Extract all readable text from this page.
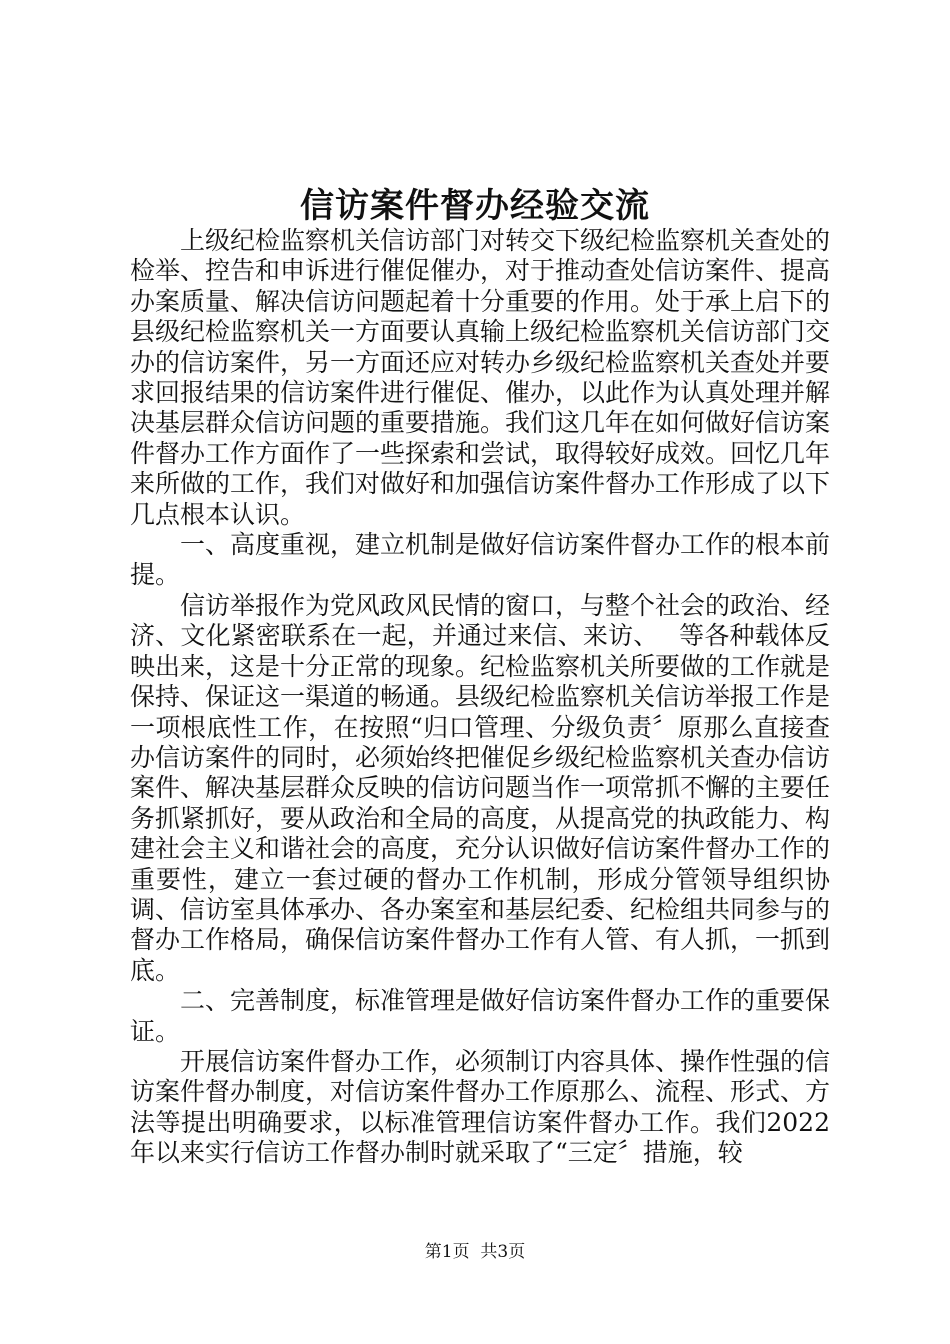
信访案件督办经验交流

上级纪检监察机关信访部门对转交下级纪检监察机关查处的检举、控告和申诉进行催促催办，对于推动查处信访案件、提高办案质量、解决信访问题起着十分重要的作用。处于承上启下的县级纪检监察机关一方面要认真输上级纪检监察机关信访部门交办的信访案件，另一方面还应对转办乡级纪检监察机关查处并要求回报结果的信访案件进行催促、催办，以此作为认真处理并解决基层群众信访问题的重要措施。我们这几年在如何做好信访案件督办工作方面作了一些探索和尝试，取得较好成效。回忆几年来所做的工作，我们对做好和加强信访案件督办工作形成了以下几点根本认识。

一、高度重视，建立机制是做好信访案件督办工作的根本前提。

信访举报作为党风政风民情的窗口，与整个社会的政治、经济、文化紧密联系在一起，并通过来信、来访、　 等各种载体反映出来，这是十分正常的现象。纪检监察机关所要做的工作就是保持、保证这一渠道的畅通。县级纪检监察机关信访举报工作是一项根底性工作，在按照“归口管理、分级负责〞原那么直接查办信访案件的同时，必须始终把催促乡级纪检监察机关查办信访案件、解决基层群众反映的信访问题当作一项常抓不懈的主要任务抓紧抓好，要从政治和全局的高度，从提高党的执政能力、构建社会主义和谐社会的高度，充分认识做好信访案件督办工作的重要性，建立一套过硬的督办工作机制，形成分管领导组织协调、信访室具体承办、各办案室和基层纪委、纪检组共同参与的督办工作格局，确保信访案件督办工作有人管、有人抓，一抓到底。

二、完善制度，标准管理是做好信访案件督办工作的重要保证。

开展信访案件督办工作，必须制订内容具体、操作性强的信访案件督办制度，对信访案件督办工作原那么、流程、形式、方法等提出明确要求，以标准管理信访案件督办工作。我们2022年以来实行信访工作督办制时就采取了“三定〞措施，较

第1页 共3页
